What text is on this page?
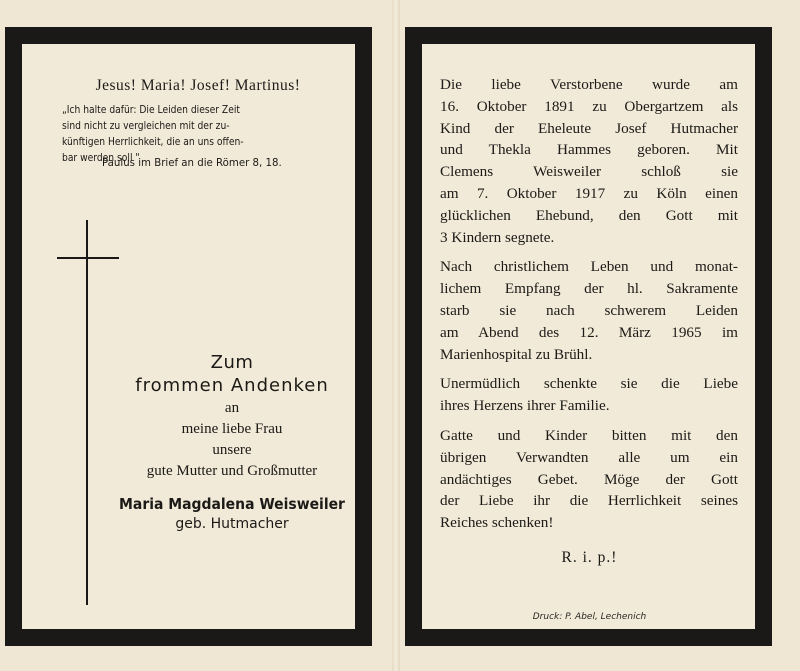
Jesus! Maria! Josef! Martinus!
„Ich halte dafür: Die Leiden dieser Zeit
sind nicht zu vergleichen mit der zu-
künftigen Herrlichkeit, die an uns offen-
bar werden soll "
Paulus im Brief an die Römer 8, 18.
Zum
frommen Andenken
an
meine liebe Frau
unsere
gute Mutter und Großmutter
Maria Magdalena Weisweiler
geb. Hutmacher

Die liebe Verstorbene wurde am
16. Oktober 1891 zu Obergartzem als
Kind der Eheleute Josef Hutmacher
und Thekla Hammes geboren. Mit
Clemens Weisweiler schloß sie
am 7. Oktober 1917 zu Köln einen
glücklichen Ehebund, den Gott mit
3 Kindern segnete.

Nach christlichem Leben und monat-
lichem Empfang der hl. Sakramente
starb sie nach schwerem Leiden
am Abend des 12. März 1965 im
Marienhospital zu Brühl.

Unermüdlich schenkte sie die Liebe
ihres Herzens ihrer Familie.

Gatte und Kinder bitten mit den
übrigen Verwandten alle um ein
andächtiges Gebet. Möge der Gott
der Liebe ihr die Herrlichkeit seines
Reiches schenken!

R. i. p.!
Druck: P. Abel, Lechenich
